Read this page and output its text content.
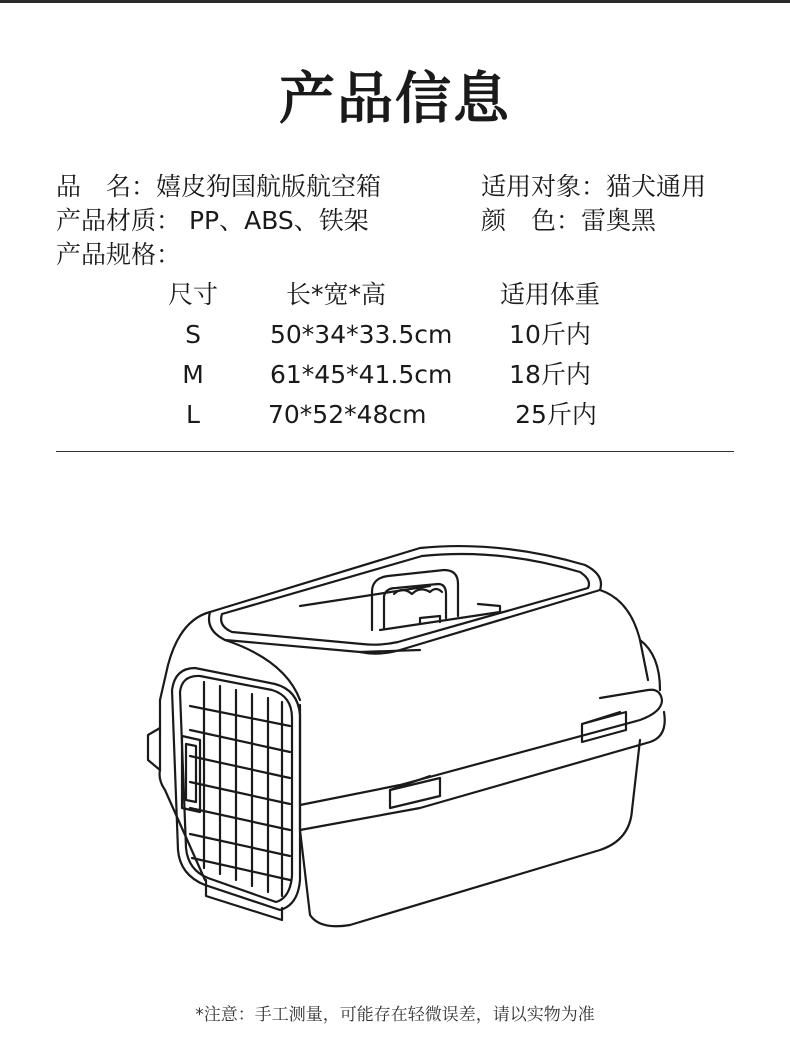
产品信息
品　名：嬉皮狗国航版航空箱	适用对象：猫犬通用
产品材质： PP、ABS、铁架	颜　色：雷奥黑
产品规格：
尺寸	长*宽*高	适用体重
S	50*34*33.5cm	10斤内
M	61*45*41.5cm	18斤内
L	70*52*48cm	25斤内
*注意：手工测量，可能存在轻微误差，请以实物为准
